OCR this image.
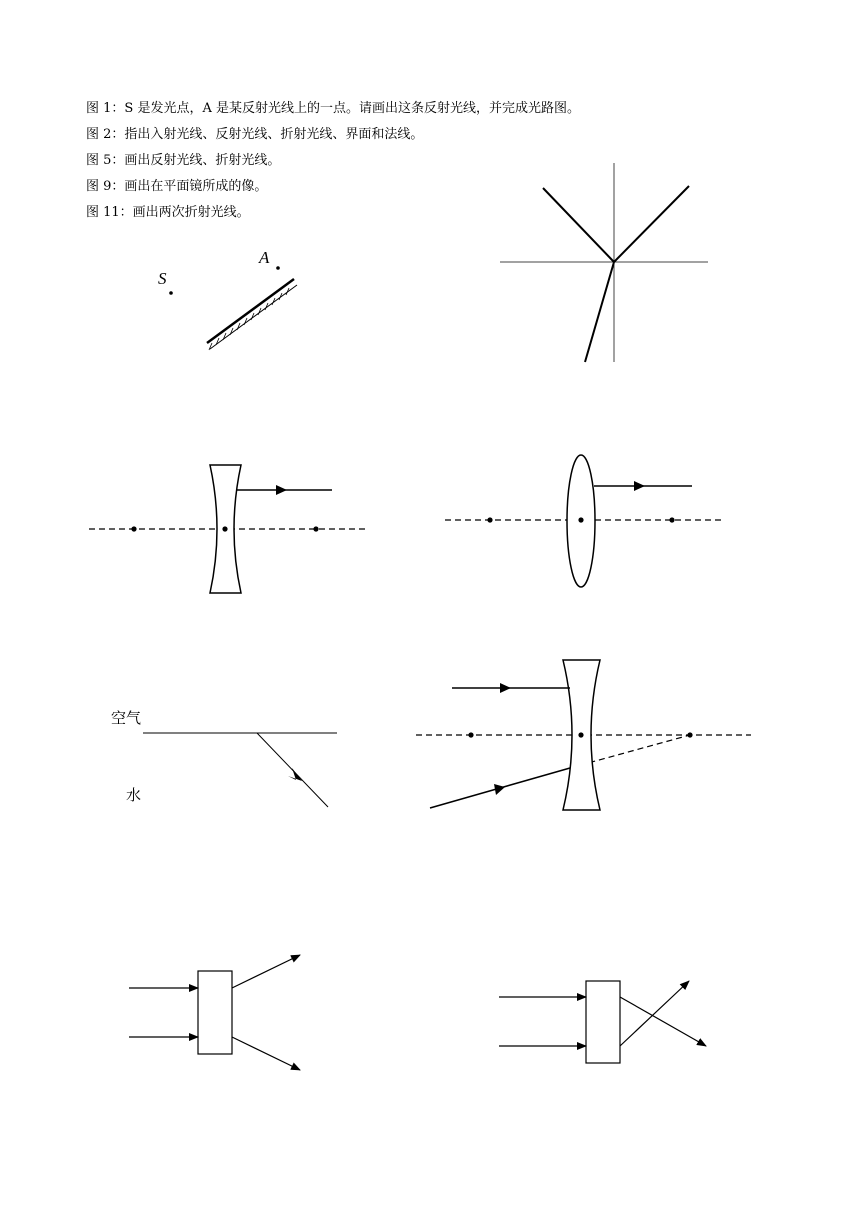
图 1：S 是发光点，A 是某反射光线上的一点。请画出这条反射光线，并完成光路图。
图 2：指出入射光线、反射光线、折射光线、界面和法线。
图 5：画出反射光线、折射光线。
图 9：画出在平面镜所成的像。
图 11：画出两次折射光线。
S
A
空气
水
